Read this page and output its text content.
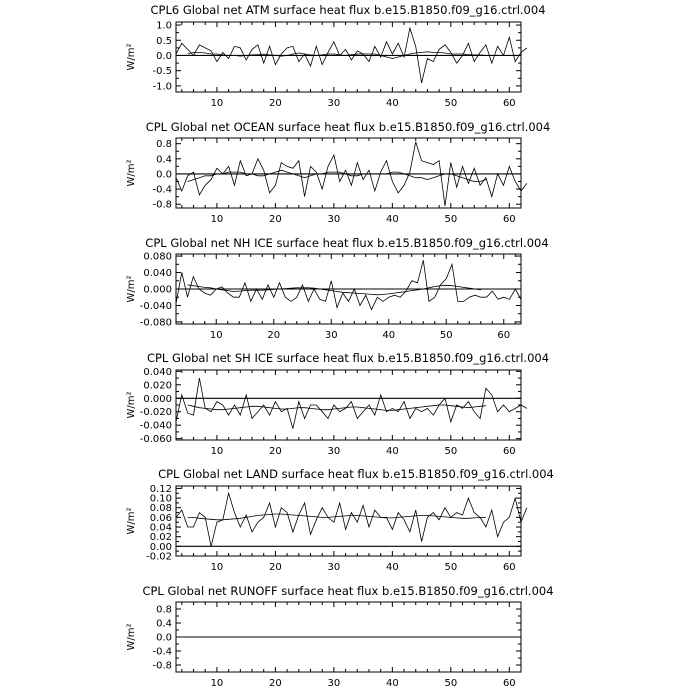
CPL6 Global net ATM surface heat flux b.e15.B1850.f09_g16.ctrl.004
1.0
0.5
0.0
-0.5
-1.0
10	20	30	40	50	60
W/m²
CPL Global net OCEAN surface heat flux b.e15.B1850.f09_g16.ctrl.004
0.8
0.4
0.0
-0.4
-0.8
10	20	30	40	50	60
W/m²
CPL Global net NH ICE surface heat flux b.e15.B1850.f09_g16.ctrl.004
0.080
0.040
0.000
-0.040
-0.080
10	20	30	40	50	60
W/m²
CPL Global net SH ICE surface heat flux b.e15.B1850.f09_g16.ctrl.004
0.040
0.020
0.000
-0.020
-0.040
-0.060
10	20	30	40	50	60
W/m²
CPL Global net LAND surface heat flux b.e15.B1850.f09_g16.ctrl.004
0.12
0.10
0.08
0.06
0.04
0.02
0.00
-0.02
10	20	30	40	50	60
W/m²
CPL Global net RUNOFF surface heat flux b.e15.B1850.f09_g16.ctrl.004
0.8
0.4
0.0
-0.4
-0.8
10	20	30	40	50	60
W/m²
